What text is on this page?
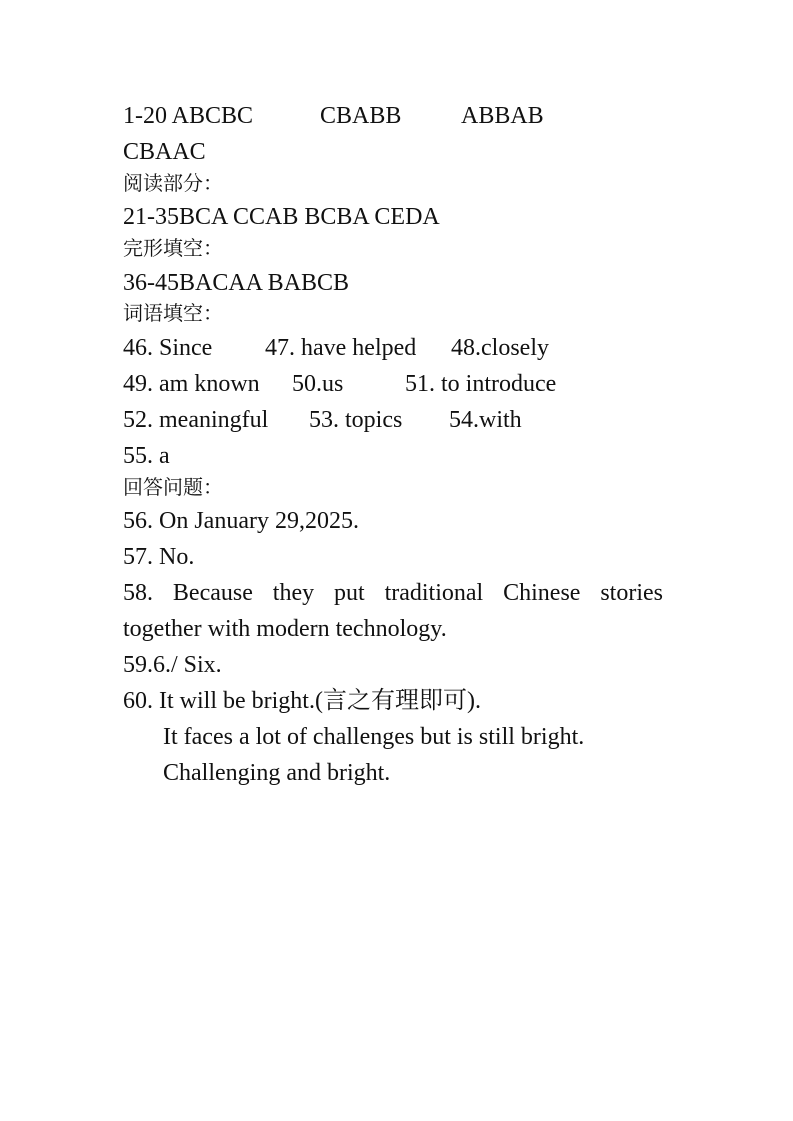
1-20 ABCBC	CBABB ABBAB
CBAAC
阅读部分：
21-35BCA CCAB BCBA CEDA
完形填空：
36-45BACAA BABCB
词语填空：
46. Since 47. have helped 48.closely
49. am known 50.us	51. to introduce
52. meaningful 53. topics 54.with
55. a
回答问题：
56. On January 29,2025.
57. No.
58. Because they put traditional Chinese stories
together with modern technology.
59.6./ Six.
60. It will be bright.(言之有理即可).
It faces a lot of challenges but is still bright.
Challenging and bright.
